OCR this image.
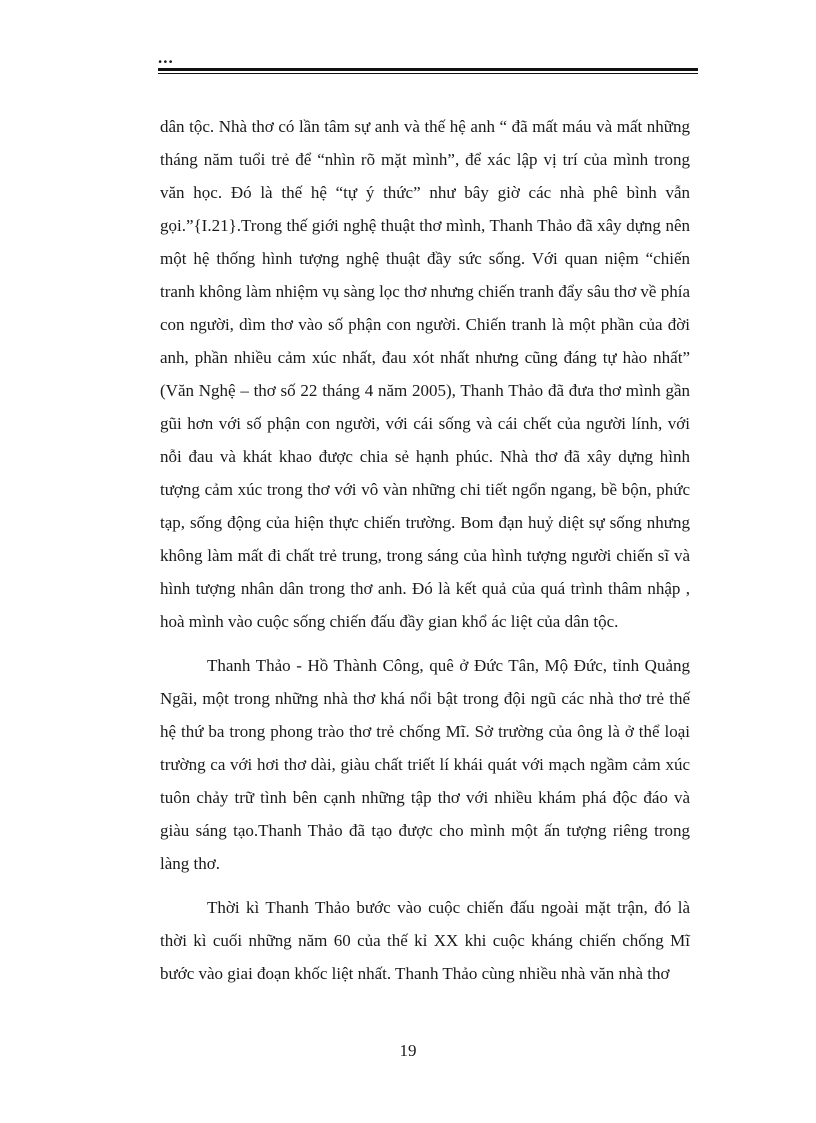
...

dân tộc. Nhà thơ có lần tâm sự anh và thế hệ anh “ đã mất máu và mất những tháng năm tuổi trẻ để “nhìn rõ mặt mình”, để xác lập vị trí của mình trong văn học. Đó là thế hệ “tự ý thức” như bây giờ các nhà phê bình vẫn gọi.”{I.21}.Trong thế giới nghệ thuật thơ mình, Thanh Thảo đã xây dựng nên một hệ thống hình tượng nghệ thuật đầy sức sống. Với quan niệm “chiến tranh không làm nhiệm vụ sàng lọc thơ nhưng chiến tranh đẩy sâu thơ về phía con người, dìm thơ vào số phận con người. Chiến tranh là một phần của đời anh, phần nhiều cảm xúc nhất, đau xót nhất nhưng cũng đáng tự hào nhất” (Văn Nghệ – thơ số 22 tháng 4 năm 2005), Thanh Thảo đã đưa thơ mình gần gũi hơn với số phận con người, với cái sống và cái chết của người lính, với nỗi đau và khát khao được chia sẻ hạnh phúc. Nhà thơ đã xây dựng hình tượng cảm xúc trong thơ với vô vàn những chi tiết ngổn ngang, bề bộn, phức tạp, sống động của hiện thực chiến trường. Bom đạn huỷ diệt sự sống nhưng không làm mất đi chất trẻ trung, trong sáng của hình tượng người chiến sĩ và hình tượng nhân dân trong thơ anh. Đó là kết quả của quá trình thâm nhập , hoà mình vào cuộc sống chiến đấu đầy gian khổ ác liệt của dân tộc.

Thanh Thảo - Hồ Thành Công, quê ở Đức Tân, Mộ Đức, tỉnh Quảng Ngãi, một trong những nhà thơ khá nổi bật trong đội ngũ các nhà thơ trẻ thế hệ thứ ba trong phong trào thơ trẻ chống Mĩ. Sở trường của ông là ở thể loại trường ca với hơi thơ dài, giàu chất triết lí khái quát với mạch ngầm cảm xúc tuôn chảy trữ tình bên cạnh những tập thơ với nhiều khám phá độc đáo và giàu sáng tạo.Thanh Thảo đã tạo được cho mình một ấn tượng riêng trong làng thơ.

Thời kì Thanh Thảo bước vào cuộc chiến đấu ngoài mặt trận, đó là thời kì cuối những năm 60 của thế kỉ XX khi cuộc kháng chiến chống Mĩ bước vào giai đoạn khốc liệt nhất. Thanh Thảo cùng nhiều nhà văn nhà thơ

19
